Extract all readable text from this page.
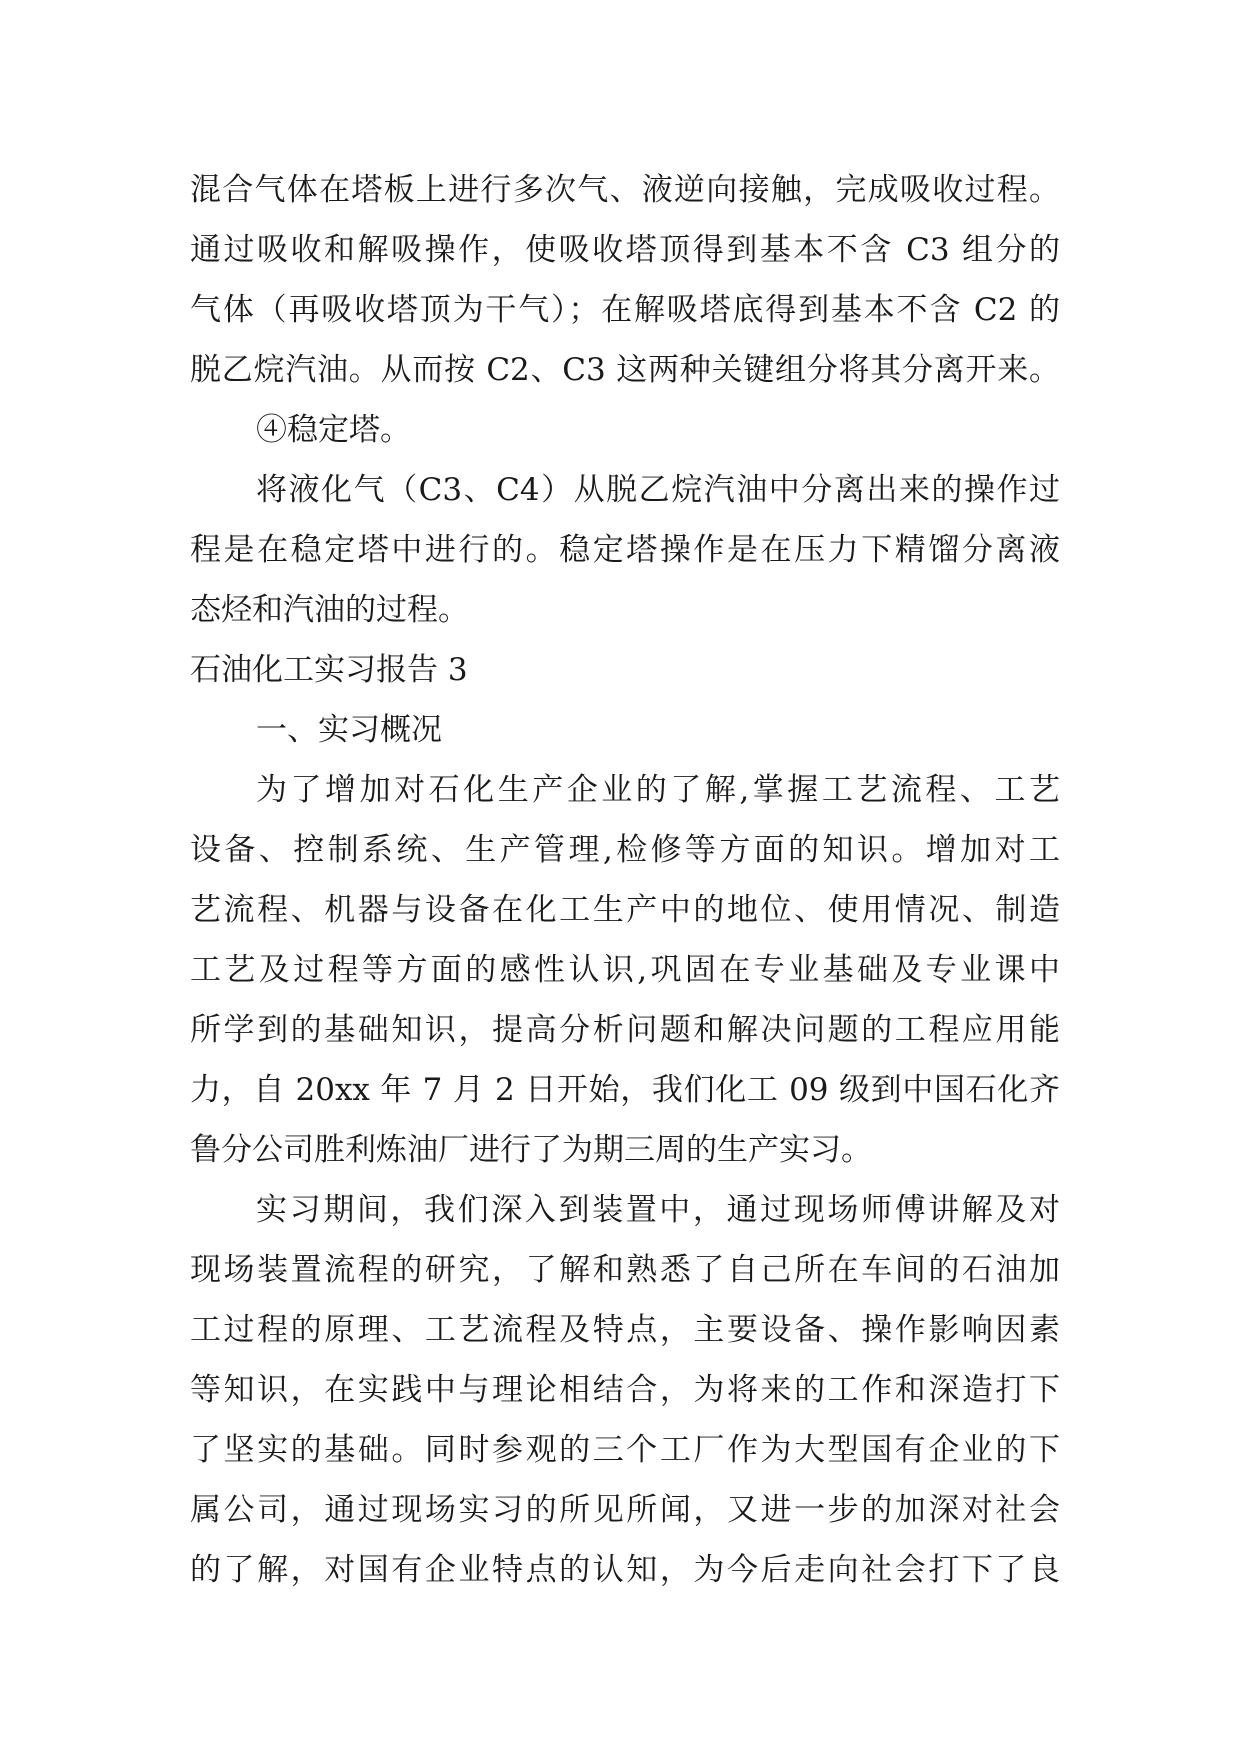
混合气体在塔板上进行多次气、液逆向接触，完成吸收过程。
通过吸收和解吸操作，使吸收塔顶得到基本不含 C3 组分的
气体（再吸收塔顶为干气）；在解吸塔底得到基本不含 C2 的
脱乙烷汽油。从而按 C2、C3 这两种关键组分将其分离开来。
④稳定塔。
将液化气（C3、C4）从脱乙烷汽油中分离出来的操作过
程是在稳定塔中进行的。稳定塔操作是在压力下精馏分离液
态烃和汽油的过程。
石油化工实习报告 3
一、实习概况
为了增加对石化生产企业的了解,掌握工艺流程、工艺
设备、控制系统、生产管理,检修等方面的知识。增加对工
艺流程、机器与设备在化工生产中的地位、使用情况、制造
工艺及过程等方面的感性认识,巩固在专业基础及专业课中
所学到的基础知识，提高分析问题和解决问题的工程应用能
力，自 20xx 年 7 月 2 日开始，我们化工 09 级到中国石化齐
鲁分公司胜利炼油厂进行了为期三周的生产实习。
实习期间，我们深入到装置中，通过现场师傅讲解及对
现场装置流程的研究，了解和熟悉了自己所在车间的石油加
工过程的原理、工艺流程及特点，主要设备、操作影响因素
等知识，在实践中与理论相结合，为将来的工作和深造打下
了坚实的基础。同时参观的三个工厂作为大型国有企业的下
属公司，通过现场实习的所见所闻，又进一步的加深对社会
的了解，对国有企业特点的认知，为今后走向社会打下了良
